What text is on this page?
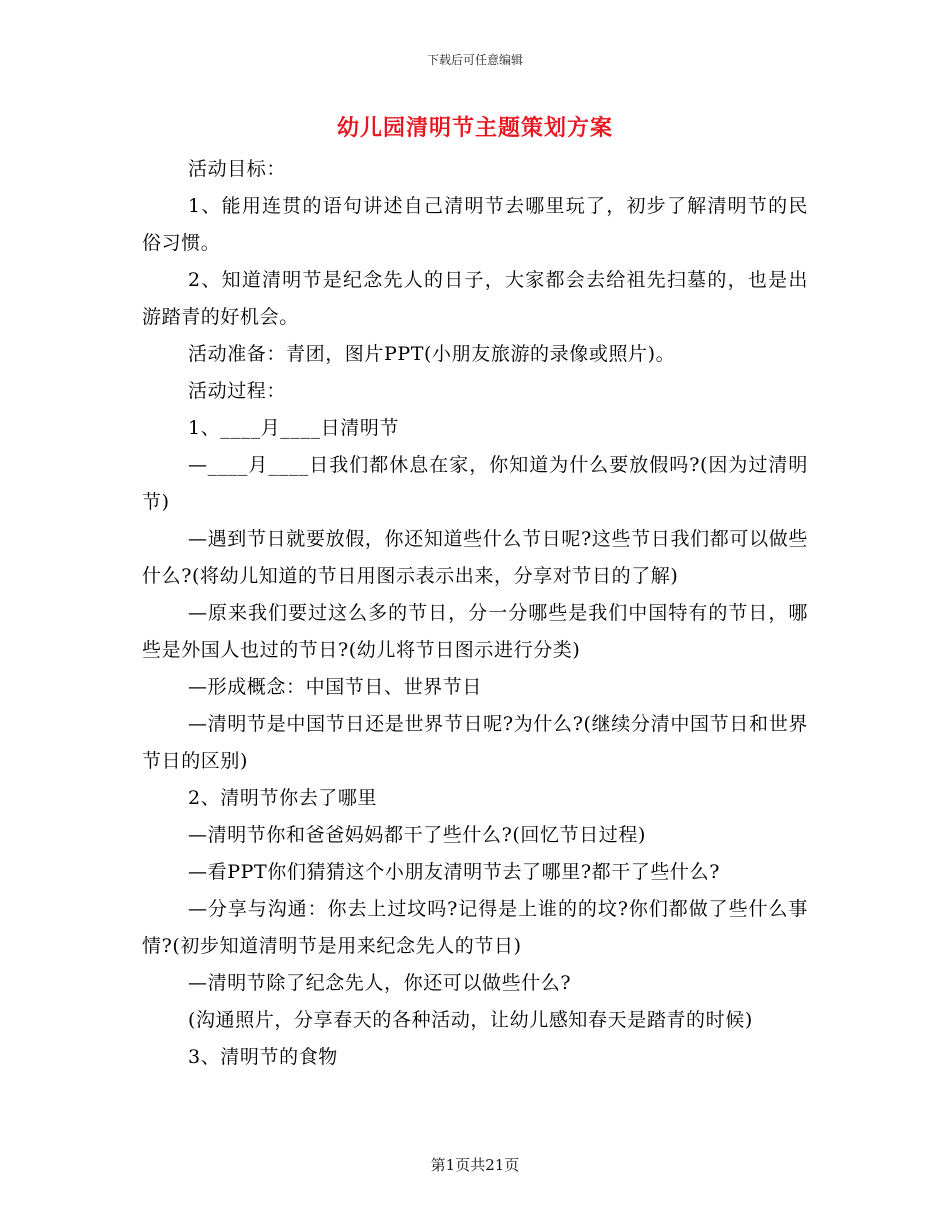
下载后可任意编辑
幼儿园清明节主题策划方案

活动目标：

1、能用连贯的语句讲述自己清明节去哪里玩了，初步了解清明节的民俗习惯。

2、知道清明节是纪念先人的日子，大家都会去给祖先扫墓的，也是出游踏青的好机会。

活动准备：青团，图片PPT(小朋友旅游的录像或照片)。

活动过程：

1、____月____日清明节

—____月____日我们都休息在家，你知道为什么要放假吗?(因为过清明节)

—遇到节日就要放假，你还知道些什么节日呢?这些节日我们都可以做些什么?(将幼儿知道的节日用图示表示出来，分享对节日的了解)

—原来我们要过这么多的节日，分一分哪些是我们中国特有的节日，哪些是外国人也过的节日?(幼儿将节日图示进行分类)

—形成概念：中国节日、世界节日

—清明节是中国节日还是世界节日呢?为什么?(继续分清中国节日和世界节日的区别)

2、清明节你去了哪里

—清明节你和爸爸妈妈都干了些什么?(回忆节日过程)

—看PPT你们猜猜这个小朋友清明节去了哪里?都干了些什么?

—分享与沟通：你去上过坟吗?记得是上谁的的坟?你们都做了些什么事情?(初步知道清明节是用来纪念先人的节日)

—清明节除了纪念先人，你还可以做些什么?

(沟通照片，分享春天的各种活动，让幼儿感知春天是踏青的时候)

3、清明节的食物

第1页共21页
